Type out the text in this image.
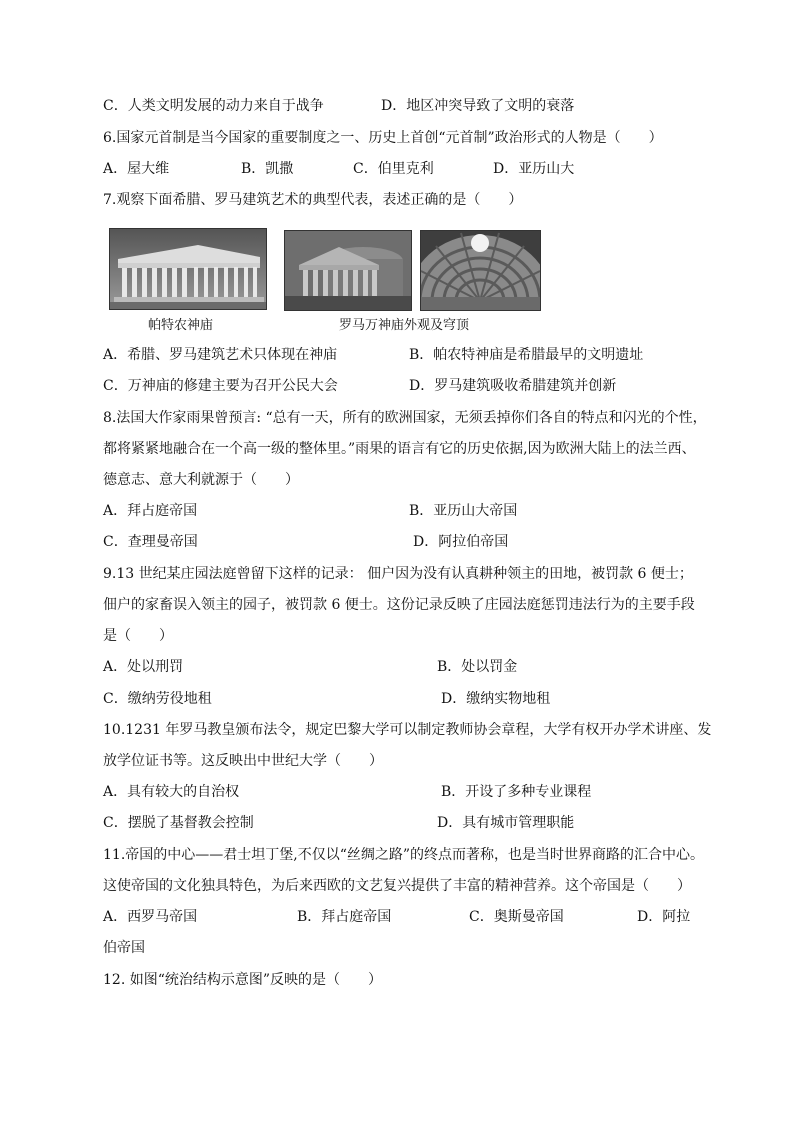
C．人类文明发展的动力来自于战争	D．地区冲突导致了文明的衰落
6.国家元首制是当今国家的重要制度之一、历史上首创“元首制”政治形式的人物是（　　）
A．屋大维	B．凯撒	C．伯里克利	D．亚历山大
7.观察下面希腊、罗马建筑艺术的典型代表，表述正确的是（　　）
帕特农神庙	罗马万神庙外观及穹顶
A．希腊、罗马建筑艺术只体现在神庙	B．帕农特神庙是希腊最早的文明遗址
C．万神庙的修建主要为召开公民大会	D．罗马建筑吸收希腊建筑并创新
8.法国大作家雨果曾预言: “总有一天，所有的欧洲国家，无须丢掉你们各自的特点和闪光的个性，
都将紧紧地融合在一个高一级的整体里。”雨果的语言有它的历史依据,因为欧洲大陆上的法兰西、
德意志、意大利就源于（　　）
A．拜占庭帝国	B．亚历山大帝国
C．查理曼帝国	D．阿拉伯帝国
9.13 世纪某庄园法庭曾留下这样的记录： 佃户因为没有认真耕种领主的田地，被罚款 6 便士；
佃户的家畜误入领主的园子，被罚款 6 便士。这份记录反映了庄园法庭惩罚违法行为的主要手段
是（　　）
A．处以刑罚	B．处以罚金
C．缴纳劳役地租	D．缴纳实物地租
10.1231 年罗马教皇颁布法令，规定巴黎大学可以制定教师协会章程，大学有权开办学术讲座、发
放学位证书等。这反映出中世纪大学（　　）
A．具有较大的自治权	B．开设了多种专业课程
C．摆脱了基督教会控制	D．具有城市管理职能
11.帝国的中心——君士坦丁堡,不仅以“丝绸之路”的终点而著称，也是当时世界商路的汇合中心。
这使帝国的文化独具特色，为后来西欧的文艺复兴提供了丰富的精神营养。这个帝国是（　　）
A．西罗马帝国	B．拜占庭帝国	C．奥斯曼帝国	D．阿拉
伯帝国
12. 如图“统治结构示意图”反映的是（　　）
